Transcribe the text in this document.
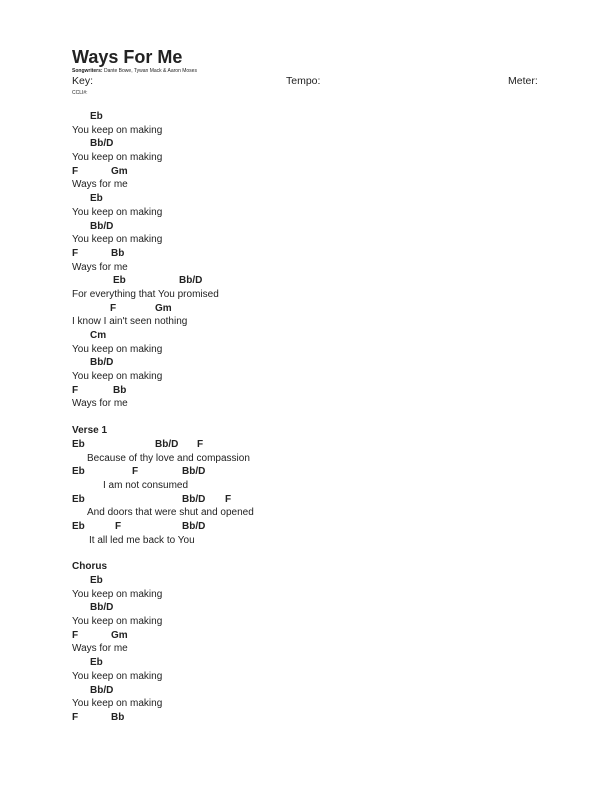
Ways For Me
Songwriters: Dante Bowe, Tywan Mack & Aaron Moses
Key:	Tempo:	Meter:
CCLI#:
Eb
You keep on making
Bb/D
You keep on making
F	Gm
Ways for me
Eb
You keep on making
Bb/D
You keep on making
F	Bb
Ways for me
Eb	Bb/D
For everything that You promised
F	Gm
I know I ain't seen nothing
Cm
You keep on making
Bb/D
You keep on making
F	Bb
Ways for me
Verse 1
Eb	Bb/D F
Because of thy love and compassion
Eb	F	Bb/D
I am not consumed
Eb	Bb/D F
And doors that were shut and opened
Eb	F	Bb/D
It all led me back to You
Chorus
Eb
You keep on making
Bb/D
You keep on making
F	Gm
Ways for me
Eb
You keep on making
Bb/D
You keep on making
F	Bb
